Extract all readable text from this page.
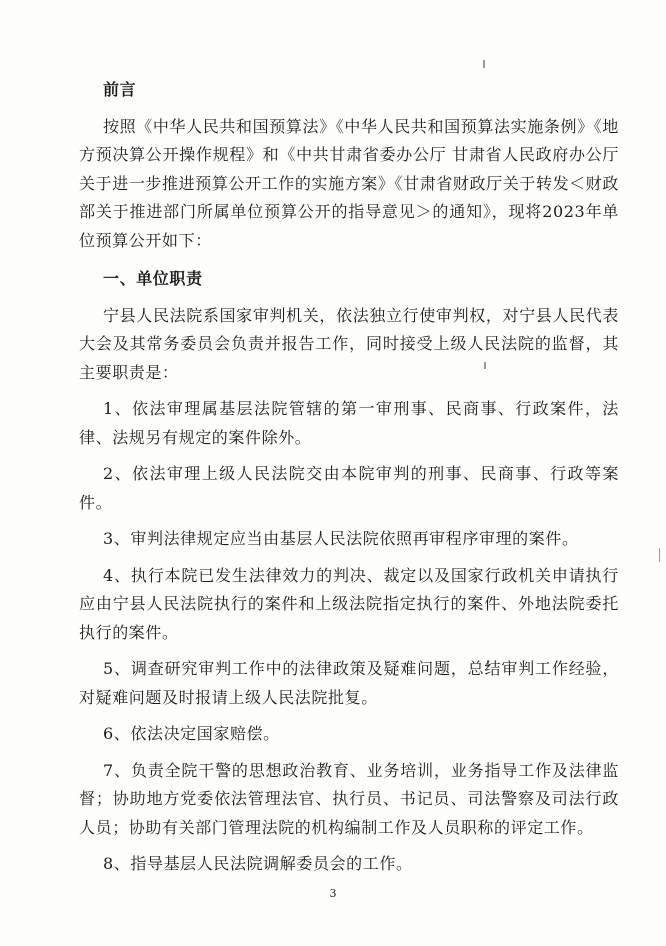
前言

按照《中华人民共和国预算法》《中华人民共和国预算法实施条例》《地方预决算公开操作规程》和《中共甘肃省委办公厅 甘肃省人民政府办公厅关于进一步推进预算公开工作的实施方案》《甘肃省财政厅关于转发＜财政部关于推进部门所属单位预算公开的指导意见＞的通知》，现将2023年单位预算公开如下：

一、单位职责

宁县人民法院系国家审判机关，依法独立行使审判权，对宁县人民代表大会及其常务委员会负责并报告工作，同时接受上级人民法院的监督，其主要职责是：

1、依法审理属基层法院管辖的第一审刑事、民商事、行政案件，法律、法规另有规定的案件除外。

2、依法审理上级人民法院交由本院审判的刑事、民商事、行政等案件。

3、审判法律规定应当由基层人民法院依照再审程序审理的案件。

4、执行本院已发生法律效力的判决、裁定以及国家行政机关申请执行应由宁县人民法院执行的案件和上级法院指定执行的案件、外地法院委托执行的案件。

5、调查研究审判工作中的法律政策及疑难问题，总结审判工作经验，对疑难问题及时报请上级人民法院批复。

6、依法决定国家赔偿。

7、负责全院干警的思想政治教育、业务培训，业务指导工作及法律监督；协助地方党委依法管理法官、执行员、书记员、司法警察及司法行政人员；协助有关部门管理法院的机构编制工作及人员职称的评定工作。

8、指导基层人民法院调解委员会的工作。

3
